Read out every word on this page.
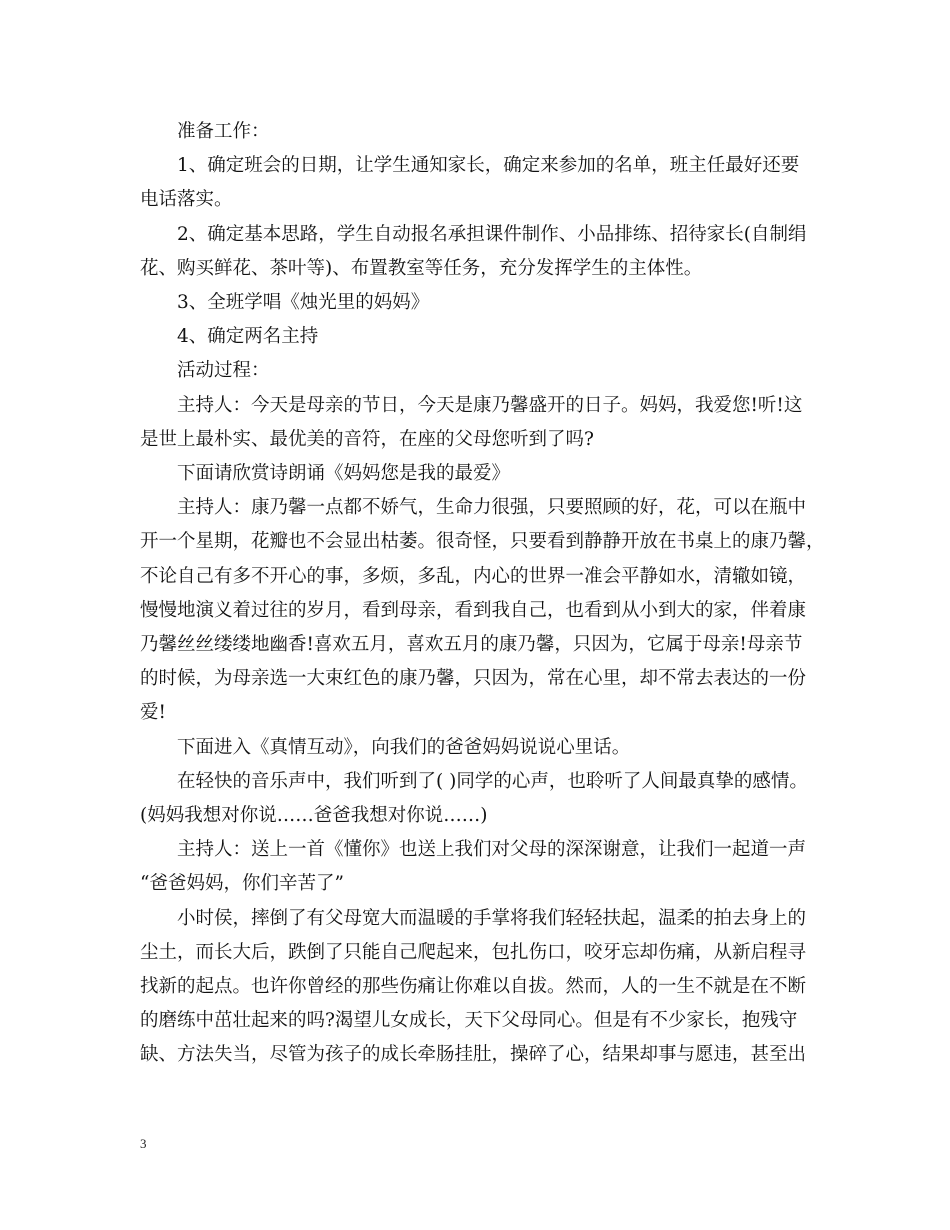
准备工作：

1、确定班会的日期，让学生通知家长，确定来参加的名单，班主任最好还要

电话落实。

2、确定基本思路，学生自动报名承担课件制作、小品排练、招待家长(自制绢

花、购买鲜花、茶叶等)、布置教室等任务，充分发挥学生的主体性。

3、全班学唱《烛光里的妈妈》

4、确定两名主持

活动过程：

主持人：今天是母亲的节日，今天是康乃馨盛开的日子。妈妈，我爱您!听!这

是世上最朴实、最优美的音符，在座的父母您听到了吗?

下面请欣赏诗朗诵《妈妈您是我的最爱》

主持人：康乃馨一点都不娇气，生命力很强，只要照顾的好，花，可以在瓶中

开一个星期，花瓣也不会显出枯萎。很奇怪，只要看到静静开放在书桌上的康乃馨，

不论自己有多不开心的事，多烦，多乱，内心的世界一准会平静如水，清辙如镜，

慢慢地演义着过往的岁月，看到母亲，看到我自己，也看到从小到大的家，伴着康

乃馨丝丝缕缕地幽香!喜欢五月，喜欢五月的康乃馨，只因为，它属于母亲!母亲节

的时候，为母亲选一大束红色的康乃馨，只因为，常在心里，却不常去表达的一份

爱!

下面进入《真情互动》，向我们的爸爸妈妈说说心里话。

在轻快的音乐声中，我们听到了( )同学的心声，也聆听了人间最真挚的感情。

(妈妈我想对你说……爸爸我想对你说……)

主持人：送上一首《懂你》也送上我们对父母的深深谢意，让我们一起道一声

“爸爸妈妈，你们辛苦了”

小时侯，摔倒了有父母宽大而温暖的手掌将我们轻轻扶起，温柔的拍去身上的

尘土，而长大后，跌倒了只能自己爬起来，包扎伤口，咬牙忘却伤痛，从新启程寻

找新的起点。也许你曾经的那些伤痛让你难以自拔。然而，人的一生不就是在不断

的磨练中茁壮起来的吗?渴望儿女成长，天下父母同心。但是有不少家长，抱残守

缺、方法失当，尽管为孩子的成长牵肠挂肚，操碎了心，结果却事与愿违，甚至出

3
